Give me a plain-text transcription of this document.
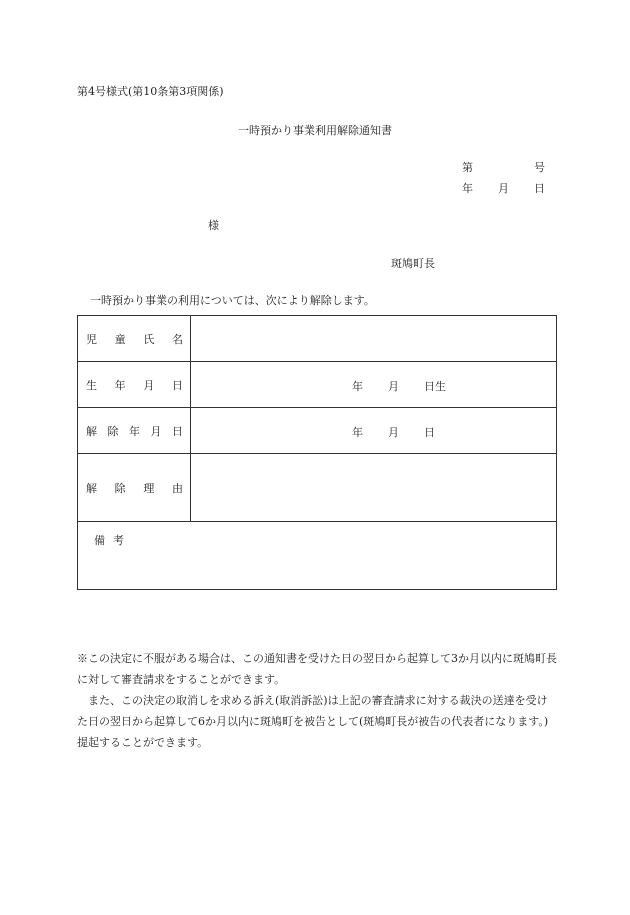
第4号様式(第10条第3項関係)
一時預かり事業利用解除通知書
第	号
年 月 日
様
斑鳩町長
一時預かり事業の利用については、次により解除します。
児 童 氏 名	

生 年 月 日	年 月 日生

解 除 年 月 日	年 月 日

解 除 理 由	

備考	

※この決定に不服がある場合は、この通知書を受けた日の翌日から起算して3か月以内に斑鳩町長に対して審査請求をすることができます。

また、この決定の取消しを求める訴え(取消訴訟)は上記の審査請求に対する裁決の送達を受けた日の翌日から起算して6か月以内に斑鳩町を被告として(斑鳩町長が被告の代表者になります。)提起することができます。
